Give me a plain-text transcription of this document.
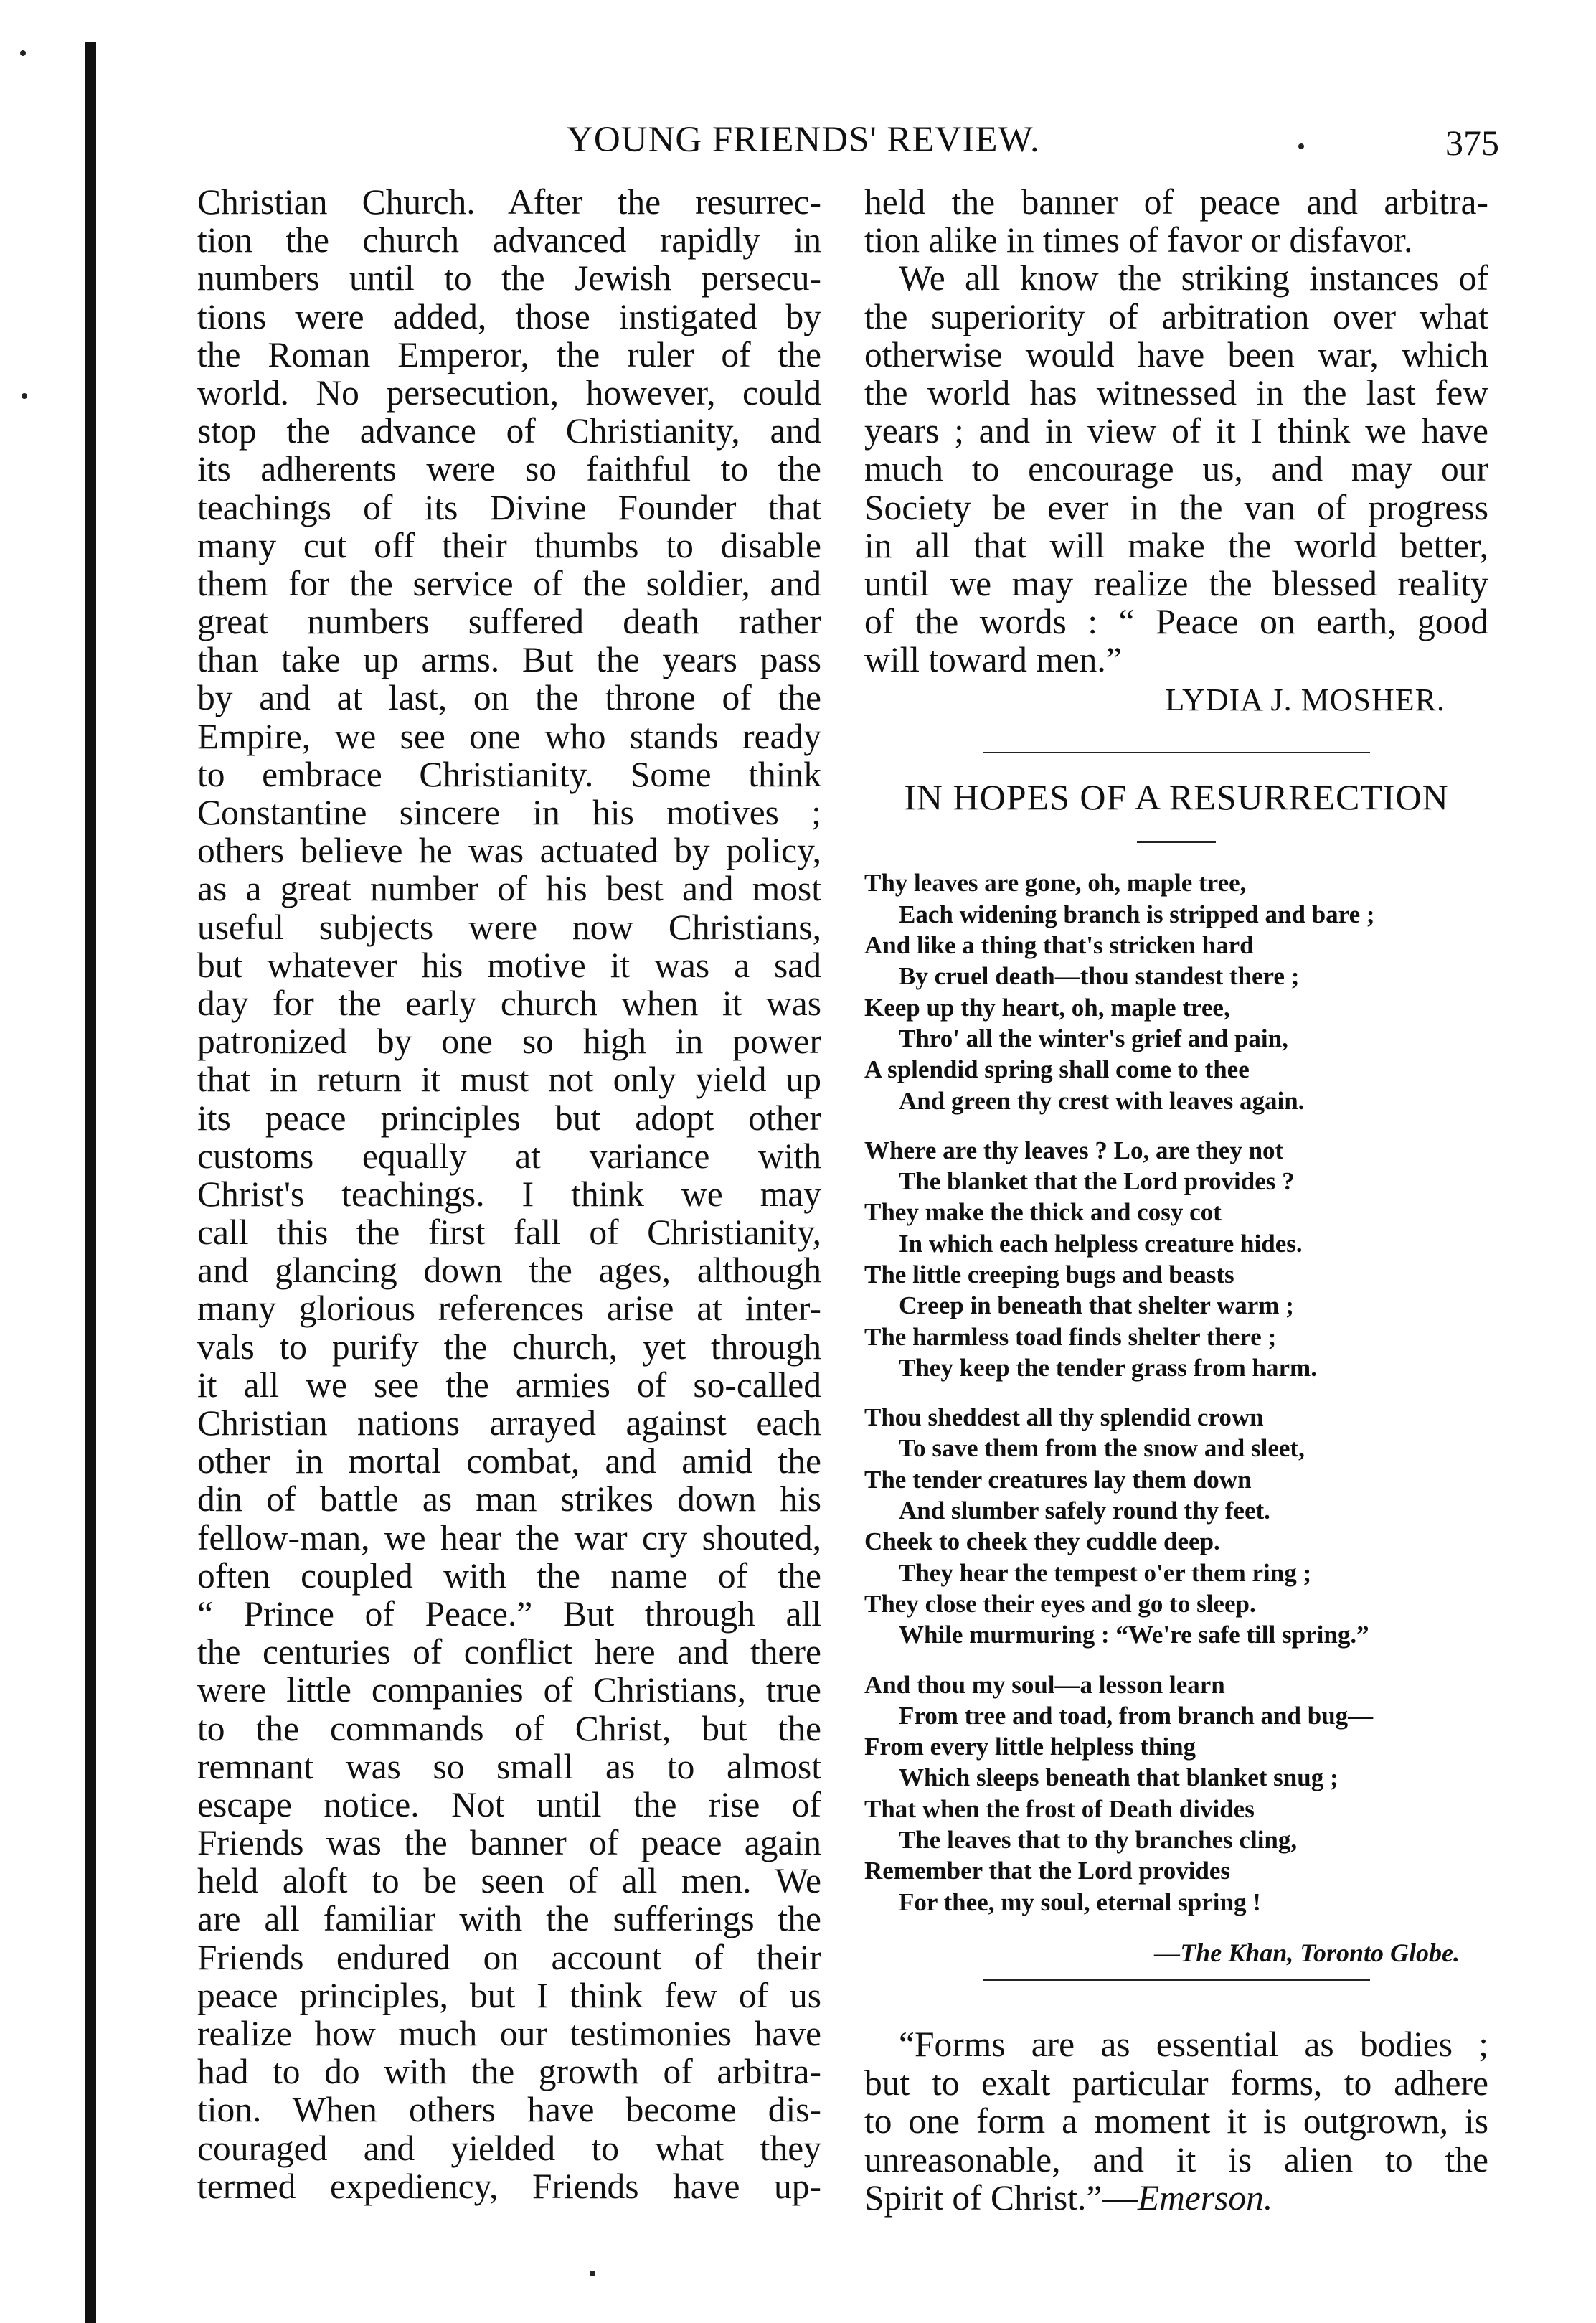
YOUNG FRIENDS' REVIEW.	375
Christian Church. After the resurrec-
tion the church advanced rapidly in
numbers until to the Jewish persecu-
tions were added, those instigated by
the Roman Emperor, the ruler of the
world. No persecution, however, could
stop the advance of Christianity, and
its adherents were so faithful to the
teachings of its Divine Founder that
many cut off their thumbs to disable
them for the service of the soldier, and
great numbers suffered death rather
than take up arms. But the years pass
by and at last, on the throne of the
Empire, we see one who stands ready
to embrace Christianity. Some think
Constantine sincere in his motives ;
others believe he was actuated by policy,
as a great number of his best and most
useful subjects were now Christians,
but whatever his motive it was a sad
day for the early church when it was
patronized by one so high in power
that in return it must not only yield up
its peace principles but adopt other
customs equally at variance with
Christ's teachings. I think we may
call this the first fall of Christianity,
and glancing down the ages, although
many glorious references arise at inter-
vals to purify the church, yet through
it all we see the armies of so-called
Christian nations arrayed against each
other in mortal combat, and amid the
din of battle as man strikes down his
fellow-man, we hear the war cry shouted,
often coupled with the name of the
“ Prince of Peace.” But through all
the centuries of conflict here and there
were little companies of Christians, true
to the commands of Christ, but the
remnant was so small as to almost
escape notice. Not until the rise of
Friends was the banner of peace again
held aloft to be seen of all men. We
are all familiar with the sufferings the
Friends endured on account of their
peace principles, but I think few of us
realize how much our testimonies have
had to do with the growth of arbitra-
tion. When others have become dis-
couraged and yielded to what they
termed expediency, Friends have up-
held the banner of peace and arbitra-
tion alike in times of favor or disfavor.
We all know the striking instances of
the superiority of arbitration over what
otherwise would have been war, which
the world has witnessed in the last few
years ; and in view of it I think we have
much to encourage us, and may our
Society be ever in the van of progress
in all that will make the world better,
until we may realize the blessed reality
of the words : “ Peace on earth, good
will toward men.”
LYDIA J. MOSHER.
IN HOPES OF A RESURRECTION
Thy leaves are gone, oh, maple tree,
Each widening branch is stripped and bare ;
And like a thing that's stricken hard
By cruel death—thou standest there ;
Keep up thy heart, oh, maple tree,
Thro' all the winter's grief and pain,
A splendid spring shall come to thee
And green thy crest with leaves again.
Where are thy leaves ? Lo, are they not
The blanket that the Lord provides ?
They make the thick and cosy cot
In which each helpless creature hides.
The little creeping bugs and beasts
Creep in beneath that shelter warm ;
The harmless toad finds shelter there ;
They keep the tender grass from harm.
Thou sheddest all thy splendid crown
To save them from the snow and sleet,
The tender creatures lay them down
And slumber safely round thy feet.
Cheek to cheek they cuddle deep.
They hear the tempest o'er them ring ;
They close their eyes and go to sleep.
While murmuring : “We're safe till spring.”
And thou my soul—a lesson learn
From tree and toad, from branch and bug—
From every little helpless thing
Which sleeps beneath that blanket snug ;
That when the frost of Death divides
The leaves that to thy branches cling,
Remember that the Lord provides
For thee, my soul, eternal spring !
—The Khan, Toronto Globe.
“Forms are as essential as bodies ;
but to exalt particular forms, to adhere
to one form a moment it is outgrown, is
unreasonable, and it is alien to the
Spirit of Christ.”—Emerson.
